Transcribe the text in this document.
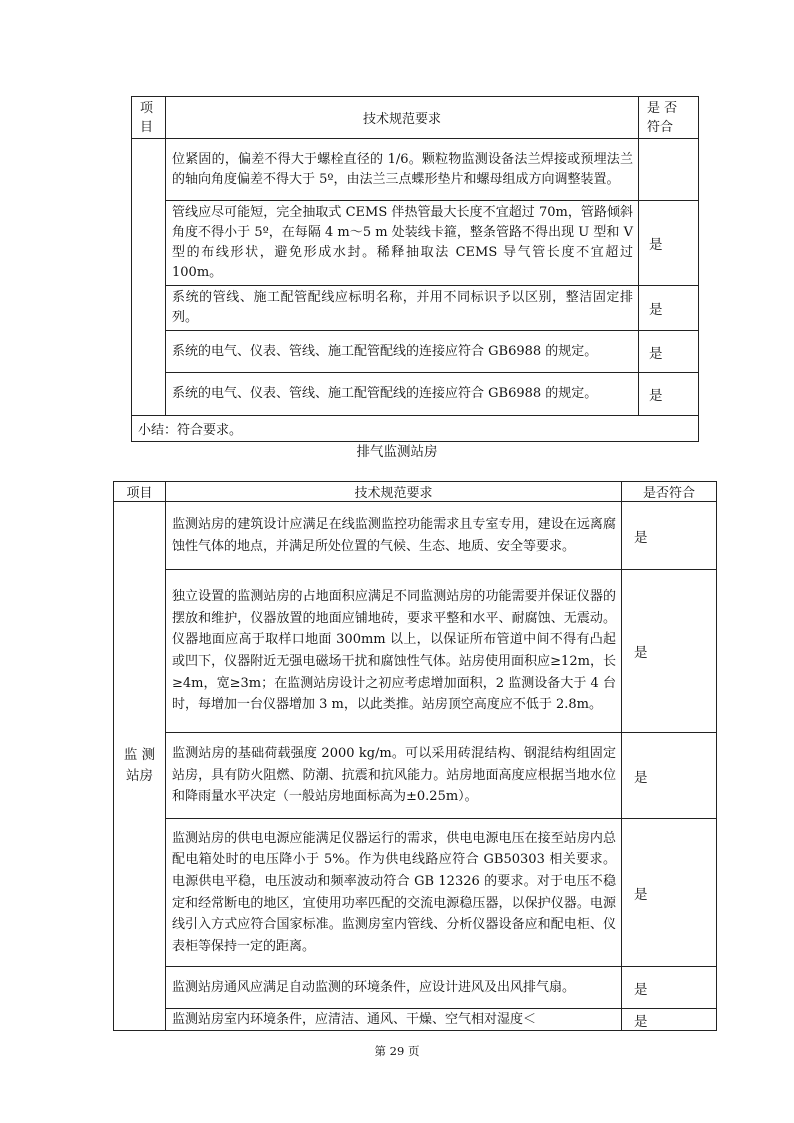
项 目	技术规范要求	是 否 符合
	位紧固的，偏差不得大于螺栓直径的 1/6。颗粒物监测设备法兰焊接或预埋法兰的轴向角度偏差不得大于 5º，由法兰三点蝶形垫片和螺母组成方向调整装置。	
	管线应尽可能短，完全抽取式 CEMS 伴热管最大长度不宜超过 70m，管路倾斜角度不得小于 5º，在每隔 4 m～5 m 处装线卡箍，整条管路不得出现 U 型和 V 型的布线形状，避免形成水封。稀释抽取法 CEMS 导气管长度不宜超过 100m。	是
	系统的管线、施工配管配线应标明名称，并用不同标识予以区别，整洁固定排列。	是
	系统的电气、仪表、管线、施工配管配线的连接应符合 GB6988 的规定。	是
	系统的电气、仪表、管线、施工配管配线的连接应符合 GB6988 的规定。	是
小结：符合要求。		
排气监测站房
项目	技术规范要求	是否符合
监 测 站房	监测站房的建筑设计应满足在线监测监控功能需求且专室专用，建设在远离腐蚀性气体的地点，并满足所处位置的气候、生态、地质、安全等要求。	是
	独立设置的监测站房的占地面积应满足不同监测站房的功能需要并保证仪器的摆放和维护，仪器放置的地面应铺地砖，要求平整和水平、耐腐蚀、无震动。仪器地面应高于取样口地面 300mm 以上，以保证所布管道中间不得有凸起或凹下，仪器附近无强电磁场干扰和腐蚀性气体。站房使用面积应≥12m，长≥4m，宽≥3m；在监测站房设计之初应考虑增加面积，2 监测设备大于 4 台时，每增加一台仪器增加 3 m，以此类推。站房顶空高度应不低于 2.8m。	是
	监测站房的基础荷载强度 2000 kg/m。可以采用砖混结构、钢混结构组固定站房，具有防火阻燃、防潮、抗震和抗风能力。站房地面高度应根据当地水位和降雨量水平决定（一般站房地面标高为±0.25m）。	是
	监测站房的供电电源应能满足仪器运行的需求，供电电源电压在接至站房内总配电箱处时的电压降小于 5%。作为供电线路应符合 GB50303 相关要求。电源供电平稳，电压波动和频率波动符合 GB 12326 的要求。对于电压不稳定和经常断电的地区，宜使用功率匹配的交流电源稳压器，以保护仪器。电源线引入方式应符合国家标准。监测房室内管线、分析仪器设备应和配电柜、仪表柜等保持一定的距离。	是
	监测站房通风应满足自动监测的环境条件，应设计进风及出风排气扇。	是
	监测站房室内环境条件，应清洁、通风、干燥、空气相对湿度＜	是
第 29 页
